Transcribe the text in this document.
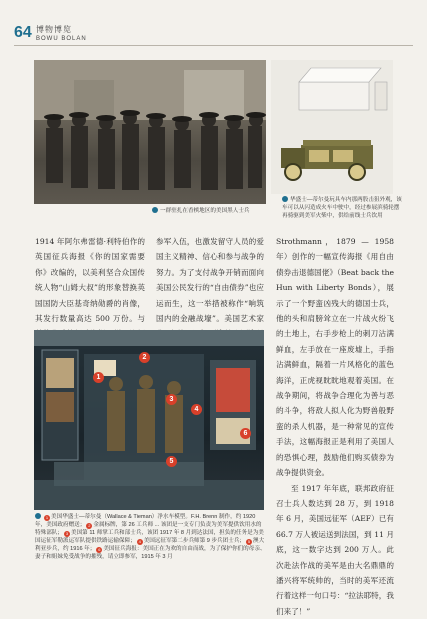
64 博物博览
BOWU BOLAN
一群驻扎在香槟地区的美国黑人士兵
华盛士—蒂尔曼玩具车内那两股击狙外观，该车可以从闪造成火车中驶中，经过参展滨骑轮摆再骑驱到美军火柴中，供给前线士兵饮用

1914 年阿尔弗雷德·利特伯作的英国征兵海报《你的国家需要你》改编的，以美利坚合众国传统人物“山姆大叔”的形象替换英国国防大臣基奇纳勋爵的肖像，其发行数量高达 500 万份。与

参军入伍，也激发留守人员的爱国主义精神、信心和参与战争的努力。为了支付战争开销而面向美国公民发行的“自由债券”也应运而生，这一举措被称作“响筑国内的金融战壕”。美国艺术家

Strothmann，1879 — 1958 年）创作的一幅宣传海报《用自由债券击退德国佬》（Beat back the Hun with Liberty Bonds），展示了一个野蛮凶残大的德国士兵，他的头和肩膀耸立在一片战火纷飞的土地上，右手步枪上的刺刀沾满鲜血，左手放在一座废墟上，手指沾满鲜血，隔着一片风格化的蓝色海洋，正虎视眈眈地观着美国。在战争期间，将战争合理化为善与恶的斗争，将敌人拟人化为野兽般野蛮的杀人机器，是一种常见的宣传手法，这幅海报正是利用了美国人的恐惧心理，鼓励他们购买债券为战争提供资金。

至 1917 年年底，联邦政府征召士兵人数达到 28 万，到 1918 年 6 月，美国远征军（AEF）已有 66.7 万人被运送到法国，到 11 月底，这一数字达到 200 万人。此次赴法作战的美军是由大名鼎鼎的潘兴将军统帅的，当时的美军还流行着这样一句口号：“拉法耶特，我们来了！”

1
2
3
4
5
6
1 美国华盛士—蒂尔曼（Wallace & Tieman）净水车模型。F.H. Brenn 制作，约 1920 年，美国政府赠送； 2 金属标牌，第 26 工兵师 ... 该团是一支专门负责为美军提供饮用水的特殊部队； 3 美国第 11 师掌工兵和部士兵，该团 1917 年 8 月到达法国，担负的任务是为美国运征军勒派运军队提供铁路运输保障； 4 美国远征军第二步兵师第 9 步兵团士兵； 5 澳大利亚步兵，约 1916 年； 6 美国征兵海报：美国正在为欢的自由而战，为了保护你们的母亲、妻子和姐妹免受战争的摧残，请立即参军，1915 年 3 月
